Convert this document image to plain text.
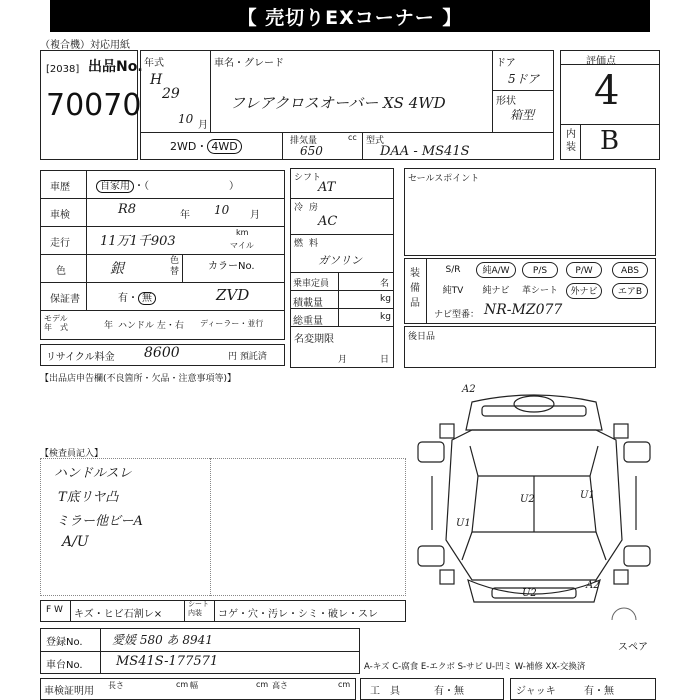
【 売切りEXコーナー 】
（複合機）対応用紙
出品No.
[2038]
70070
年式
H
29
10 月
車名・グレード
フレアクロスオーバー XS 4WD
ドア
5ドア
形状
箱型
2WD・ 4WD	排気量	cc
650
型式
DAA - MS41S
評価点
4
内
装 B
車歴	自家用 ・（　　　　　　　　）
車検	R8	年 10 月
走行 11万1千903
km
マイル
色	銀	色
替	カラーNo.
ZVD
保証書	有・ 無
モデル
年　式	年 ハンドル 左・右 ディーラー・並行
リサイクル料金 8600	円 預託済
シフト
AT
冷房
AC
燃料
ガソリン
乗車定員	名
積載量	kg
総重量	kg
名変期限
月	日
セールスポイント
装
備
品
S/R	純A/W	P/S	P/W	ABS
純TV	純ナビ	革シート	外ナビ	エアB
ナビ型番： NR-MZ077
後日品
【出品店申告欄(不良箇所・欠品・注意事項等)】
【検査員記入】
ハンドルスレ
T底リヤ凸
ミラー他ビーA
A/U
A2
U2	U1
U1
U2
A2
スペア
F W キズ・ヒビ石割レ×
シート
内装	コゲ・穴・汚レ・シミ・破レ・スレ
登録No. 愛媛 580 あ 8941
車台No.	MS41S-177571	A-キズ C-腐食 E-エクボ S-サビ U-凹ミ W-補修 XX-交換済
車検証明用
長さ	cm 幅	cm 高さ	cm
工　具	有・無	ジャッキ	有・無
